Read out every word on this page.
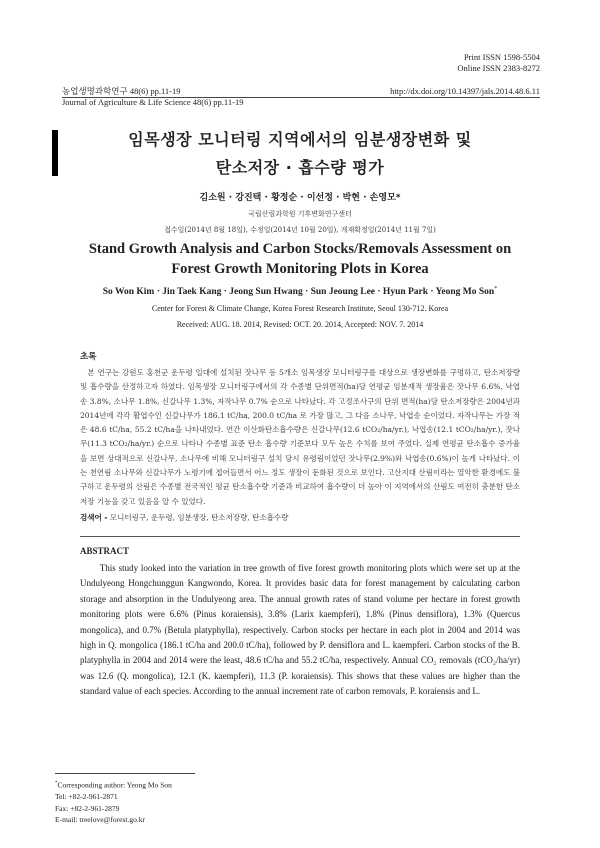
Print ISSN 1598-5504
Online ISSN 2383-8272
농업생명과학연구 48(6) pp.11-19
Journal of Agriculture & Life Science 48(6) pp.11-19
http://dx.doi.org/10.14397/jals.2014.48.6.11
임목생장 모니터링 지역에서의 임분생장변화 및
탄소저장 · 흡수량 평가
김소원 · 강진택 · 황정순 · 이선정 · 박현 · 손영모*
국립산림과학원 기후변화연구센터
접수일(2014년 8월 18일), 수정일(2014년 10월 20일), 게재확정일(2014년 11월 7일)
Stand Growth Analysis and Carbon Stocks/Removals Assessment on
Forest Growth Monitoring Plots in Korea
So Won Kim · Jin Taek Kang · Jeong Sun Hwang · Sun Jeoung Lee · Hyun Park · Yeong Mo Son*
Center for Forest & Climate Change, Korea Forest Research Institute, Seoul 130-712. Korea
Received: AUG. 18. 2014, Revised: OCT. 20. 2014, Accepted: NOV. 7. 2014
초록
본 연구는 강원도 홍천군 운두령 일대에 설치된 잣나무 등 5개소 임목생장 모니터링구를 대상으로 생장변화를 구명하고, 탄소저장량 및 흡수량을 산정하고자 하였다. 임목생장 모니터링구에서의 각 수종별 단위면적(ha)당 연평균 임분재적 생장율은 잣나무 6.6%, 낙엽송 3.8%, 소나무 1.8%, 신갈나무 1.3%, 자작나무 0.7% 순으로 나타났다. 각 고정조사구의 단위 면적(ha)당 탄소저장량은 2004년과 2014년에 각각 활엽수인 신갈나무가 186.1 tC/ha, 200.0 tC/ha 로 가장 많고, 그 다음 소나무, 낙엽송 순이었다. 자작나무는 가장 적은 48.6 tC/ha, 55.2 tC/ha을 나타내었다. 연간 이산화탄소흡수량은 신갈나무(12.6 tCO₂/ha/yr.), 낙엽송(12.1 tCO₂/ha/yr.), 잣나무(11.3 tCO₂/ha/yr.) 순으로 나타나 수종별 표준 탄소 흡수량 기준보다 모두 높은 수치를 보여 주었다. 실제 연평균 탄소흡수 증가율을 보면 상대적으로 신갈나무, 소나무에 비해 모니터링구 설치 당시 유령림이었던 잣나무(2.9%)와 낙엽송(0.6%)이 높게 나타났다. 이는 천연림 소나무와 신갈나무가 노령기에 접어들면서 어느 정도 생장이 둔화된 것으로 보인다. 고산지대 산림이라는 열악한 환경에도 불구하고 운두령의 산림은 수종별 전국적인 평균 탄소흡수량 기준과 비교하여 흡수량이 더 높아 이 지역에서의 산림도 여전히 충분한 탄소저장 기능을 갖고 있음을 알 수 있었다.
검색어 - 모니터링구, 운두령, 임분생장, 탄소저장량, 탄소흡수량
ABSTRACT
This study looked into the variation in tree growth of five forest growth monitoring plots which were set up at the Undulyeong Hongchunggun Kangwondo, Korea. It provides basic data for forest management by calculating carbon storage and absorption in the Undulyeong area. The annual growth rates of stand volume per hectare in forest growth monitoring plots were 6.6% (Pinus koraiensis), 3.8% (Larix kaempferi), 1.8% (Pinus densiflora), 1.3% (Quercus mongolica), and 0.7% (Betula platyphylla), respectively. Carbon stocks per hectare in each plot in 2004 and 2014 was high in Q. mongolica (186.1 tC/ha and 200.0 tC/ha), followed by P. densiflora and L. kaempferi. Carbon stocks of the B. platyphylla in 2004 and 2014 were the least, 48.6 tC/ha and 55.2 tC/ha, respectively. Annual CO₂ removals (tCO₂/ha/yr) was 12.6 (Q. mongolica), 12.1 (K. kaempferi), 11.3 (P. koraiensis). This shows that these values are higher than the standard value of each species. According to the annual increment rate of carbon removals, P. koraiensis and L.
*Corresponding author: Yeong Mo Son
Tel: +82-2-961-2871
Fax: +82-2-961-2879
E-mail: treelove@forest.go.kr
